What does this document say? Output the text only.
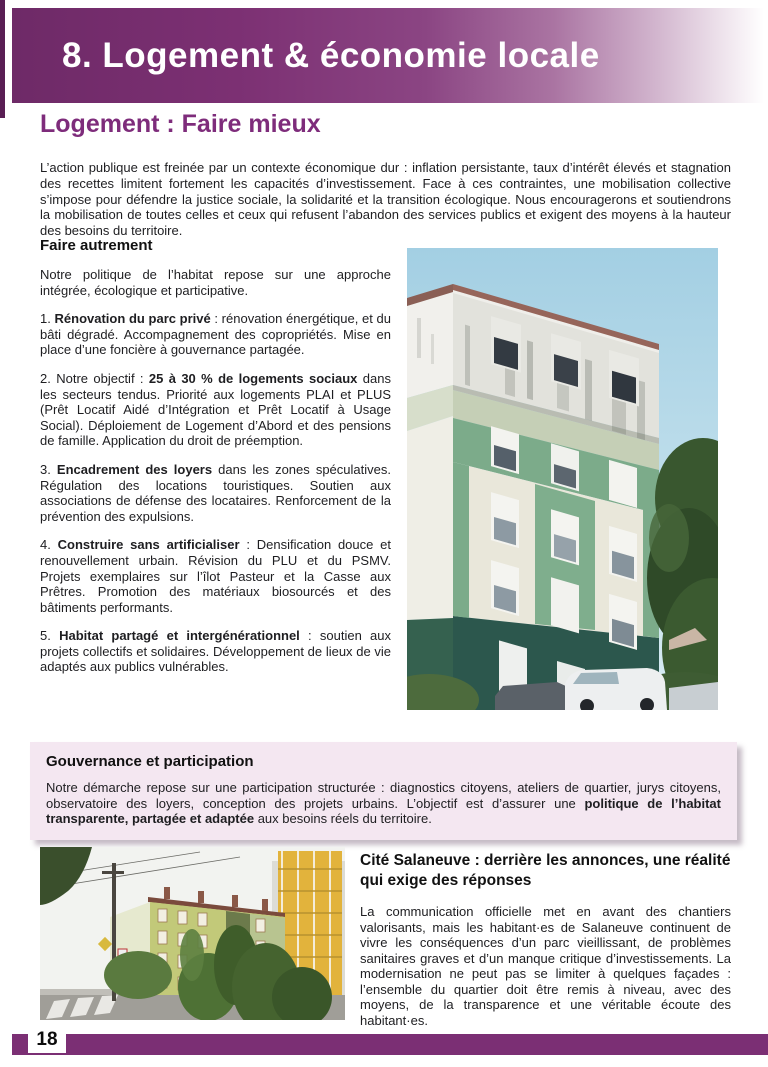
8. Logement & économie locale
Logement : Faire mieux

L’action publique est freinée par un contexte économique dur : inflation persistante, taux d’intérêt élevés et stagnation des recettes limitent fortement les capacités d’investissement. Face à ces contraintes, une mobilisation collective s’impose pour défendre la justice sociale, la solidarité et la transition écologique. Nous encouragerons et soutiendrons la mobilisation de toutes celles et ceux qui refusent l’abandon des services publics et exigent des moyens à la hauteur des besoins du territoire.

Faire autrement

Notre politique de l’habitat repose sur une approche intégrée, écologique et participative.

1. Rénovation du parc privé : rénovation énergétique, et du bâti dégradé. Accompagnement des copropriétés. Mise en place d’une foncière à gouvernance partagée.

2. Notre objectif : 25 à 30 % de logements sociaux dans les secteurs tendus. Priorité aux logements PLAI et PLUS (Prêt Locatif Aidé d’Intégration et Prêt Locatif à Usage Social). Déploiement de Logement d’Abord et des pensions de famille. Application du droit de préemption.

3. Encadrement des loyers dans les zones spéculatives. Régulation des locations touristiques. Soutien aux associations de défense des locataires. Renforcement de la prévention des expulsions.

4. Construire sans artificialiser : Densification douce et renouvellement urbain. Révision du PLU et du PSMV. Projets exemplaires sur l’îlot Pasteur et la Casse aux Prêtres. Promotion des matériaux biosourcés et des bâtiments performants.

5. Habitat partagé et intergénérationnel : soutien aux projets collectifs et solidaires. Développement de lieux de vie adaptés aux publics vulnérables.

Gouvernance et participation

Notre démarche repose sur une participation structurée : diagnostics citoyens, ateliers de quartier, jurys citoyens, observatoire des loyers, conception des projets urbains. L’objectif est d’assurer une politique de l’habitat transparente, partagée et adaptée aux besoins réels du territoire.

Cité Salaneuve : derrière les annonces, une réalité qui exige des réponses

La communication officielle met en avant des chantiers valorisants, mais les habitant·es de Salaneuve continuent de vivre les conséquences d’un parc vieillissant, de problèmes sanitaires graves et d’un manque critique d’investissements. La modernisation ne peut pas se limiter à quelques façades : l’ensemble du quartier doit être remis à niveau, avec des moyens, de la transparence et une véritable écoute des habitant·es.

18
